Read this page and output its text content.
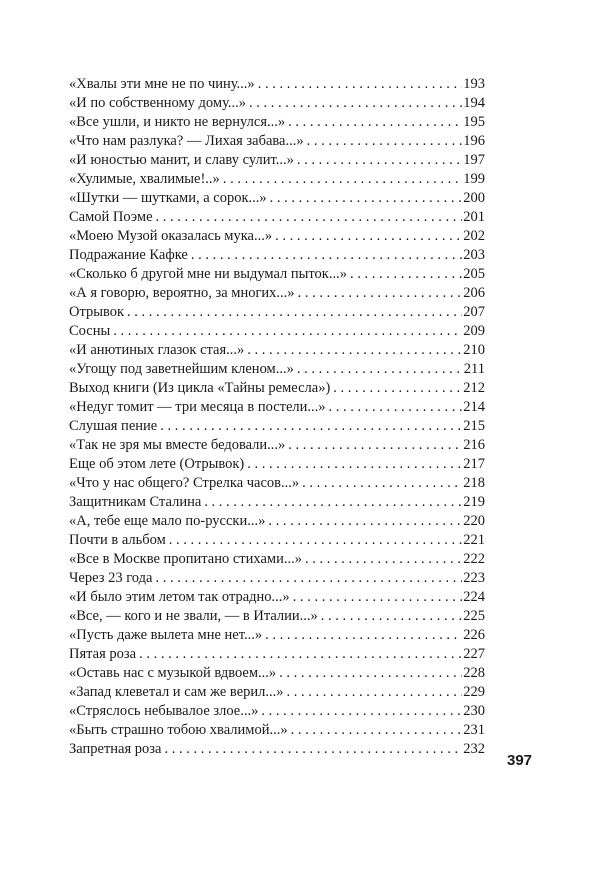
«Хвалы эти мне не по чину...» . . .	193
«И по собственному дому...» . . .	194
«Все ушли, и никто не вернулся...» . . .	195
«Что нам разлука? — Лихая забава...» . . .	196
«И юностью манит, и славу сулит...» . . .	197
«Хулимые, хвалимые!..» . . .	199
«Шутки — шутками, а сорок...» . . .	200
Самой Поэме . . .	201
«Моею Музой оказалась мука...» . . .	202
Подражание Кафке . . .	203
«Сколько б другой мне ни выдумал пыток...» . . .	205
«А я говорю, вероятно, за многих...» . . .	206
Отрывок . . .	207
Сосны . . .	209
«И анютиных глазок стая...» . . .	210
«Угощу под заветнейшим кленом...» . . .	211
Выход книги (Из цикла «Тайны ремесла») . . .	212
«Недуг томит — три месяца в постели...» . . .	214
Слушая пение . . .	215
«Так не зря мы вместе бедовали...» . . .	216
Еще об этом лете (Отрывок) . . .	217
«Что у нас общего? Стрелка часов...» . . .	218
Защитникам Сталина . . .	219
«А, тебе еще мало по-русски...» . . .	220
Почти в альбом . . .	221
«Все в Москве пропитано стихами...» . . .	222
Через 23 года . . .	223
«И было этим летом так отрадно...» . . .	224
«Все, — кого и не звали, — в Италии...» . . .	225
«Пусть даже вылета мне нет...» . . .	226
Пятая роза . . .	227
«Оставь нас с музыкой вдвоем...» . . .	228
«Запад клеветал и сам же верил...» . . .	229
«Стряслось небывалое злое...» . . .	230
«Быть страшно тобою хвалимой...» . . .	231
Запретная роза . . .	232
397
